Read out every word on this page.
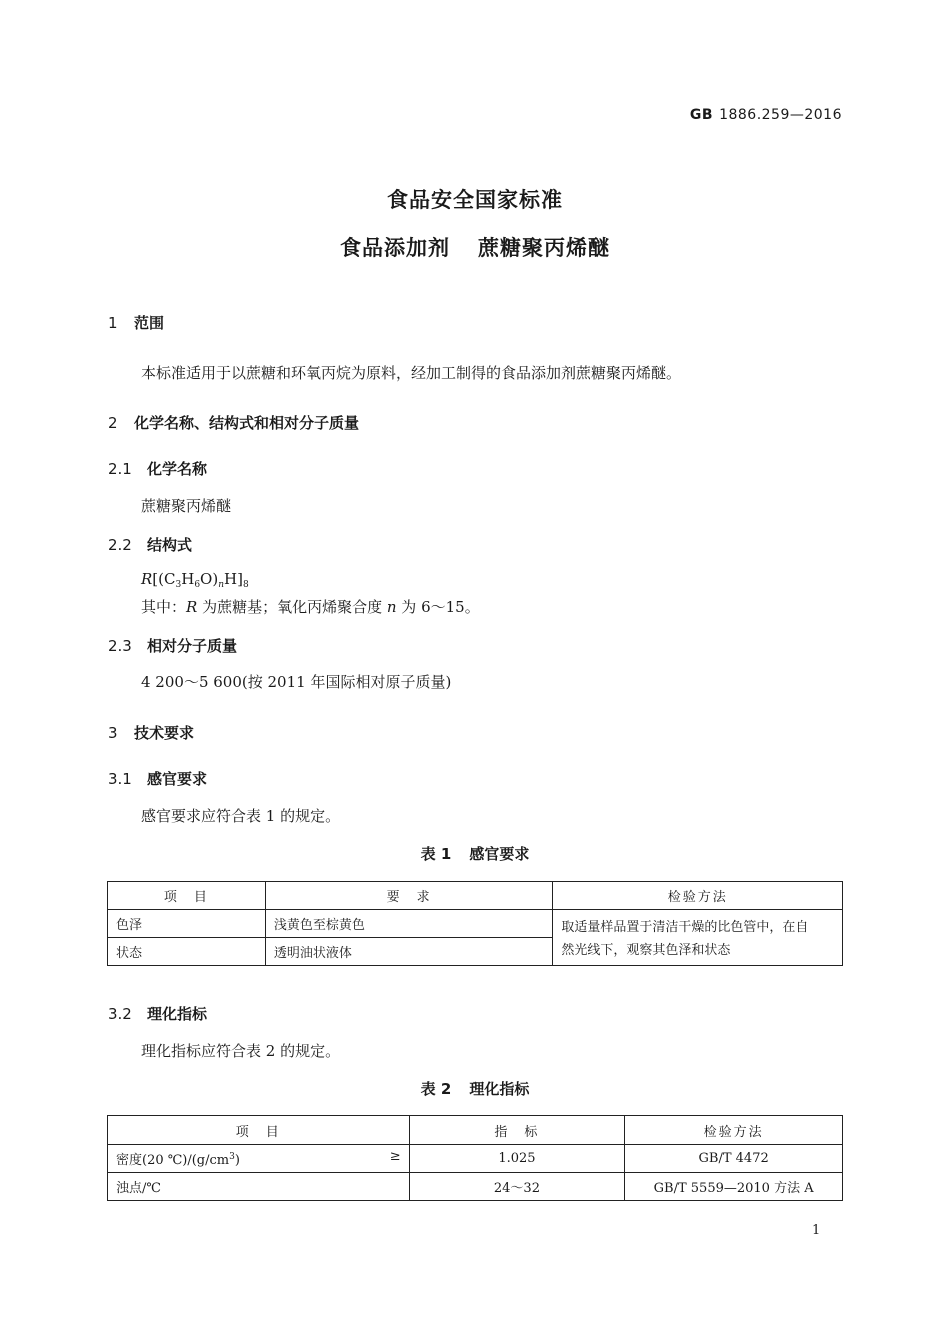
GB 1886.259—2016
食品安全国家标准
食品添加剂 蔗糖聚丙烯醚
1 范围
本标准适用于以蔗糖和环氧丙烷为原料，经加工制得的食品添加剂蔗糖聚丙烯醚。
2 化学名称、结构式和相对分子质量
2.1 化学名称
蔗糖聚丙烯醚
2.2 结构式
$R[(C_3H_6O)_nH]_8$
其中：R 为蔗糖基；氧化丙烯聚合度 n 为 6～15。
2.3 相对分子质量
4 200～5 600(按 2011 年国际相对原子质量)
3 技术要求
3.1 感官要求
感官要求应符合表 1 的规定。
表 1 感官要求
项　目	要　求	检验方法
色泽	浅黄色至棕黄色	取适量样品置于清洁干燥的比色管中，在自
然光线下，观察其色泽和状态

状态	透明油状液体	
3.2 理化指标
理化指标应符合表 2 的规定。
表 2 理化指标
项　目	指　标	检验方法
密度(20 $℃)/(g/cm^3)$ ≥	1.025	GB/T 4472
浊点/℃	24～32	GB/T 5559—2010 方法 A
1
